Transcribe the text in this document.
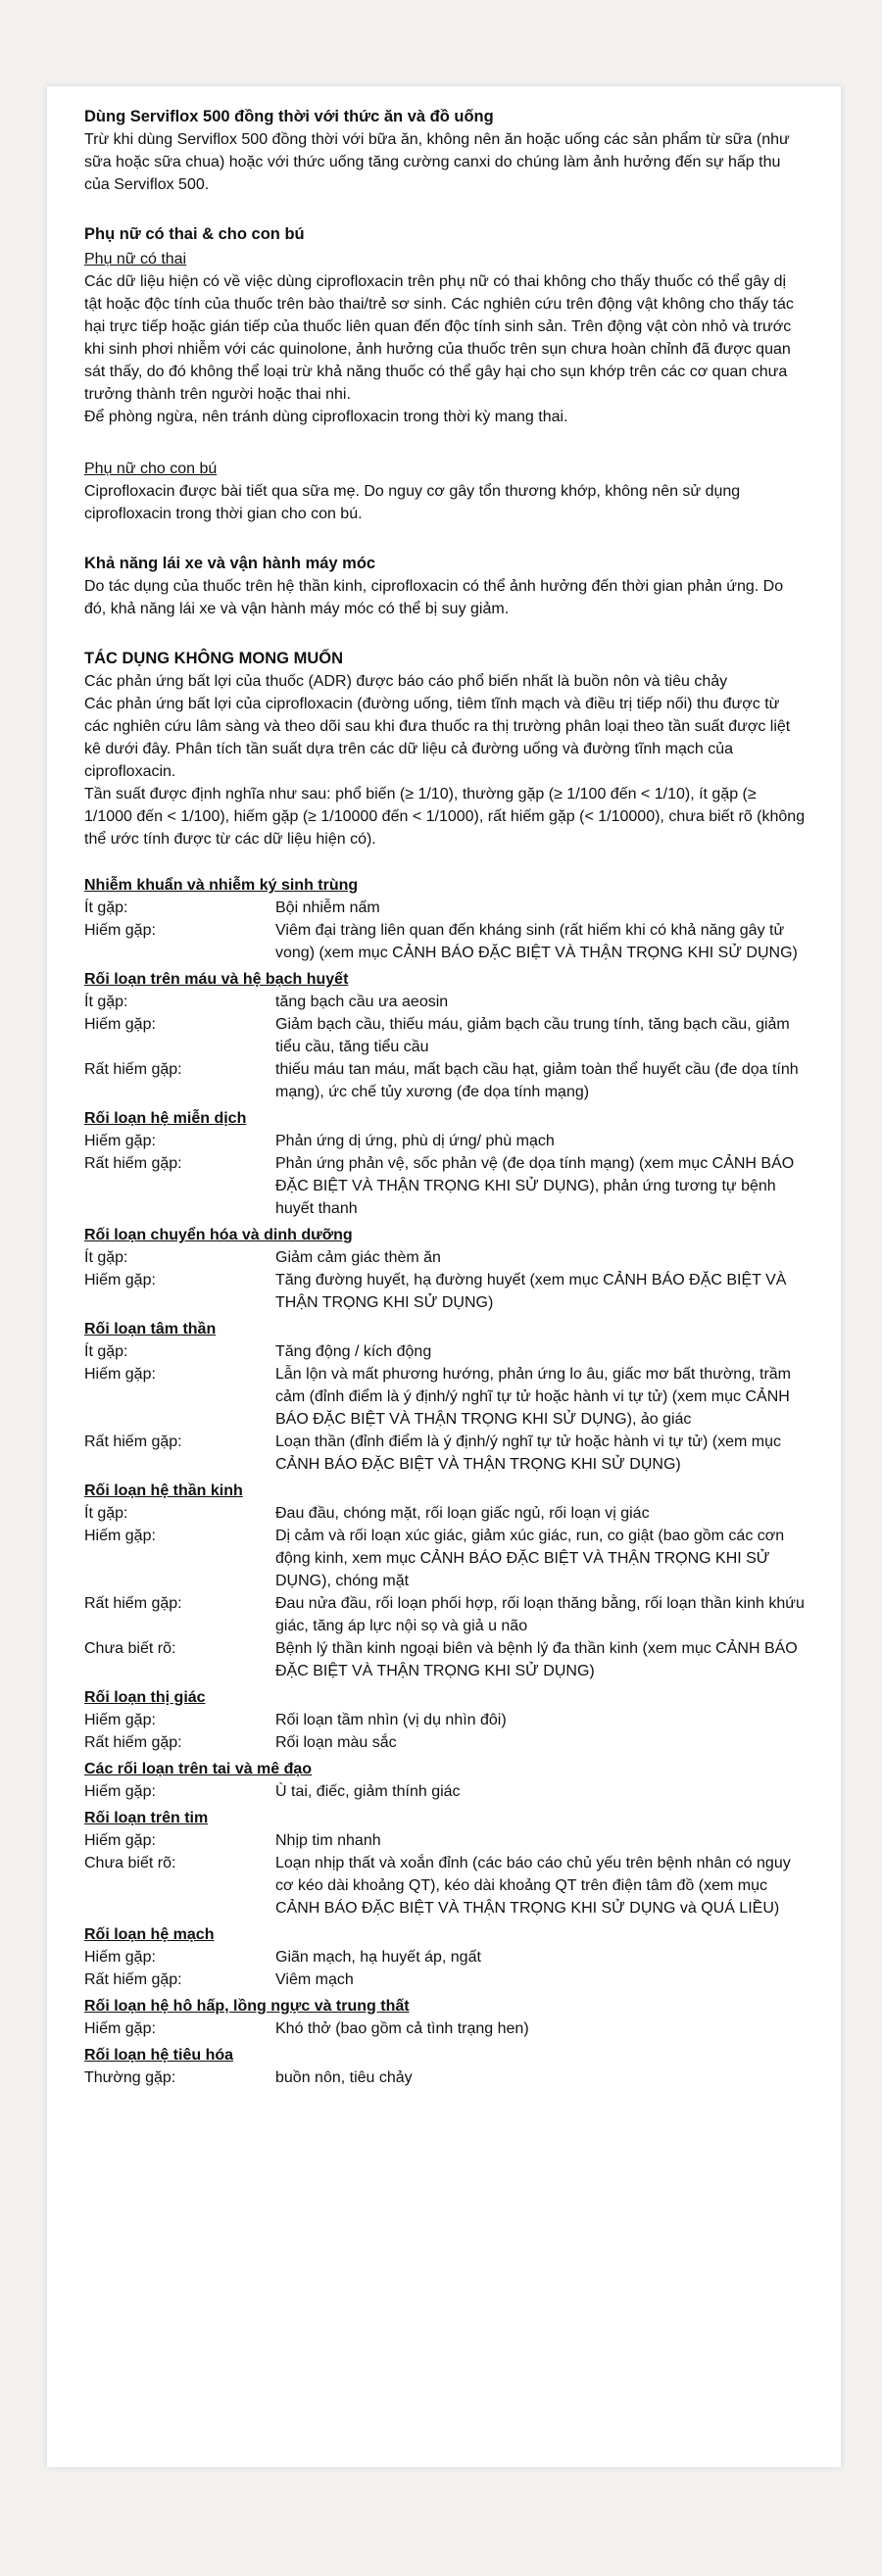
Dùng Serviflox 500 đồng thời với thức ăn và đồ uống

Trừ khi dùng Serviflox 500 đồng thời với bữa ăn, không nên ăn hoặc uống các sản phẩm từ sữa (như sữa hoặc sữa chua) hoặc với thức uống tăng cường canxi do chúng làm ảnh hưởng đến sự hấp thu của Serviflox 500.

Phụ nữ có thai & cho con bú
Phụ nữ có thai

Các dữ liệu hiện có về việc dùng ciprofloxacin trên phụ nữ có thai không cho thấy thuốc có thể gây dị tật hoặc độc tính của thuốc trên bào thai/trẻ sơ sinh. Các nghiên cứu trên động vật không cho thấy tác hại trực tiếp hoặc gián tiếp của thuốc liên quan đến độc tính sinh sản. Trên động vật còn nhỏ và trước khi sinh phơi nhiễm với các quinolone, ảnh hưởng của thuốc trên sụn chưa hoàn chỉnh đã được quan sát thấy, do đó không thể loại trừ khả năng thuốc có thể gây hại cho sụn khớp trên các cơ quan chưa trưởng thành trên người hoặc thai nhi.

Để phòng ngừa, nên tránh dùng ciprofloxacin trong thời kỳ mang thai.

Phụ nữ cho con bú

Ciprofloxacin được bài tiết qua sữa mẹ. Do nguy cơ gây tổn thương khớp, không nên sử dụng ciprofloxacin trong thời gian cho con bú.

Khả năng lái xe và vận hành máy móc

Do tác dụng của thuốc trên hệ thần kinh, ciprofloxacin có thể ảnh hưởng đến thời gian phản ứng. Do đó, khả năng lái xe và vận hành máy móc có thể bị suy giảm.

TÁC DỤNG KHÔNG MONG MUỐN

Các phản ứng bất lợi của thuốc (ADR) được báo cáo phổ biến nhất là buồn nôn và tiêu chảy

Các phản ứng bất lợi của ciprofloxacin (đường uống, tiêm tĩnh mạch và điều trị tiếp nối) thu được từ các nghiên cứu lâm sàng và theo dõi sau khi đưa thuốc ra thị trường phân loại theo tần suất được liệt kê dưới đây. Phân tích tần suất dựa trên các dữ liệu cả đường uống và đường tĩnh mạch của ciprofloxacin.

Tần suất được định nghĩa như sau: phổ biến (≥ 1/10), thường gặp (≥ 1/100 đến < 1/10), ít gặp (≥ 1/1000 đến < 1/100), hiếm gặp (≥ 1/10000 đến < 1/1000), rất hiếm gặp (< 1/10000), chưa biết rõ (không thể ước tính được từ các dữ liệu hiện có).

Nhiễm khuẩn và nhiễm ký sinh trùng
Ít gặp:	Bội nhiễm nấm
Hiếm gặp:	Viêm đại tràng liên quan đến kháng sinh (rất hiếm khi có khả năng gây tử vong) (xem mục CẢNH BÁO ĐẶC BIỆT VÀ THẬN TRỌNG KHI SỬ DỤNG)
Rối loạn trên máu và hệ bạch huyết
Ít gặp:	tăng bạch cầu ưa aeosin
Hiếm gặp:	Giảm bạch cầu, thiếu máu, giảm bạch cầu trung tính, tăng bạch cầu, giảm tiểu cầu, tăng tiểu cầu
Rất hiếm gặp:	thiếu máu tan máu, mất bạch cầu hạt, giảm toàn thể huyết cầu (đe dọa tính mạng), ức chế tủy xương (đe dọa tính mạng)
Rối loạn hệ miễn dịch
Hiếm gặp:	Phản ứng dị ứng, phù dị ứng/ phù mạch
Rất hiếm gặp:	Phản ứng phản vệ, sốc phản vệ (đe dọa tính mạng) (xem mục CẢNH BÁO ĐẶC BIỆT VÀ THẬN TRỌNG KHI SỬ DỤNG), phản ứng tương tự bệnh huyết thanh
Rối loạn chuyển hóa và dinh dưỡng
Ít gặp:	Giảm cảm giác thèm ăn
Hiếm gặp:	Tăng đường huyết, hạ đường huyết (xem mục CẢNH BÁO ĐẶC BIỆT VÀ THẬN TRỌNG KHI SỬ DỤNG)
Rối loạn tâm thần
Ít gặp:	Tăng động / kích động
Hiếm gặp:	Lẫn lộn và mất phương hướng, phản ứng lo âu, giấc mơ bất thường, trầm cảm (đỉnh điểm là ý định/ý nghĩ tự tử hoặc hành vi tự tử) (xem mục CẢNH BÁO ĐẶC BIỆT VÀ THẬN TRỌNG KHI SỬ DỤNG), ảo giác
Rất hiếm gặp:	Loạn thần (đỉnh điểm là ý định/ý nghĩ tự tử hoặc hành vi tự tử) (xem mục CẢNH BÁO ĐẶC BIỆT VÀ THẬN TRỌNG KHI SỬ DỤNG)
Rối loạn hệ thần kinh
Ít gặp:	Đau đầu, chóng mặt, rối loạn giấc ngủ, rối loạn vị giác
Hiếm gặp:	Dị cảm và rối loạn xúc giác, giảm xúc giác, run, co giật (bao gồm các cơn động kinh, xem mục CẢNH BÁO ĐẶC BIỆT VÀ THẬN TRỌNG KHI SỬ DỤNG), chóng mặt
Rất hiếm gặp:	Đau nửa đầu, rối loạn phối hợp, rối loạn thăng bằng, rối loạn thần kinh khứu giác, tăng áp lực nội sọ và giả u não
Chưa biết rõ:	Bệnh lý thần kinh ngoại biên và bệnh lý đa thần kinh (xem mục CẢNH BÁO ĐẶC BIỆT VÀ THẬN TRỌNG KHI SỬ DỤNG)
Rối loạn thị giác
Hiếm gặp:	Rối loạn tầm nhìn (vị dụ nhìn đôi)
Rất hiếm gặp:	Rối loạn màu sắc
Các rối loạn trên tai và mê đạo
Hiếm gặp:	Ù tai, điếc, giảm thính giác
Rối loạn trên tim
Hiếm gặp:	Nhịp tim nhanh
Chưa biết rõ:	Loạn nhịp thất và xoắn đỉnh (các báo cáo chủ yếu trên bệnh nhân có nguy cơ kéo dài khoảng QT), kéo dài khoảng QT trên điện tâm đồ (xem mục CẢNH BÁO ĐẶC BIỆT VÀ THẬN TRỌNG KHI SỬ DỤNG và QUÁ LIỀU)
Rối loạn hệ mạch
Hiếm gặp:	Giãn mạch, hạ huyết áp, ngất
Rất hiếm gặp:	Viêm mạch
Rối loạn hệ hô hấp, lồng ngực và trung thất
Hiếm gặp:	Khó thở (bao gồm cả tình trạng hen)
Rối loạn hệ tiêu hóa
Thường gặp:	buồn nôn, tiêu chảy
